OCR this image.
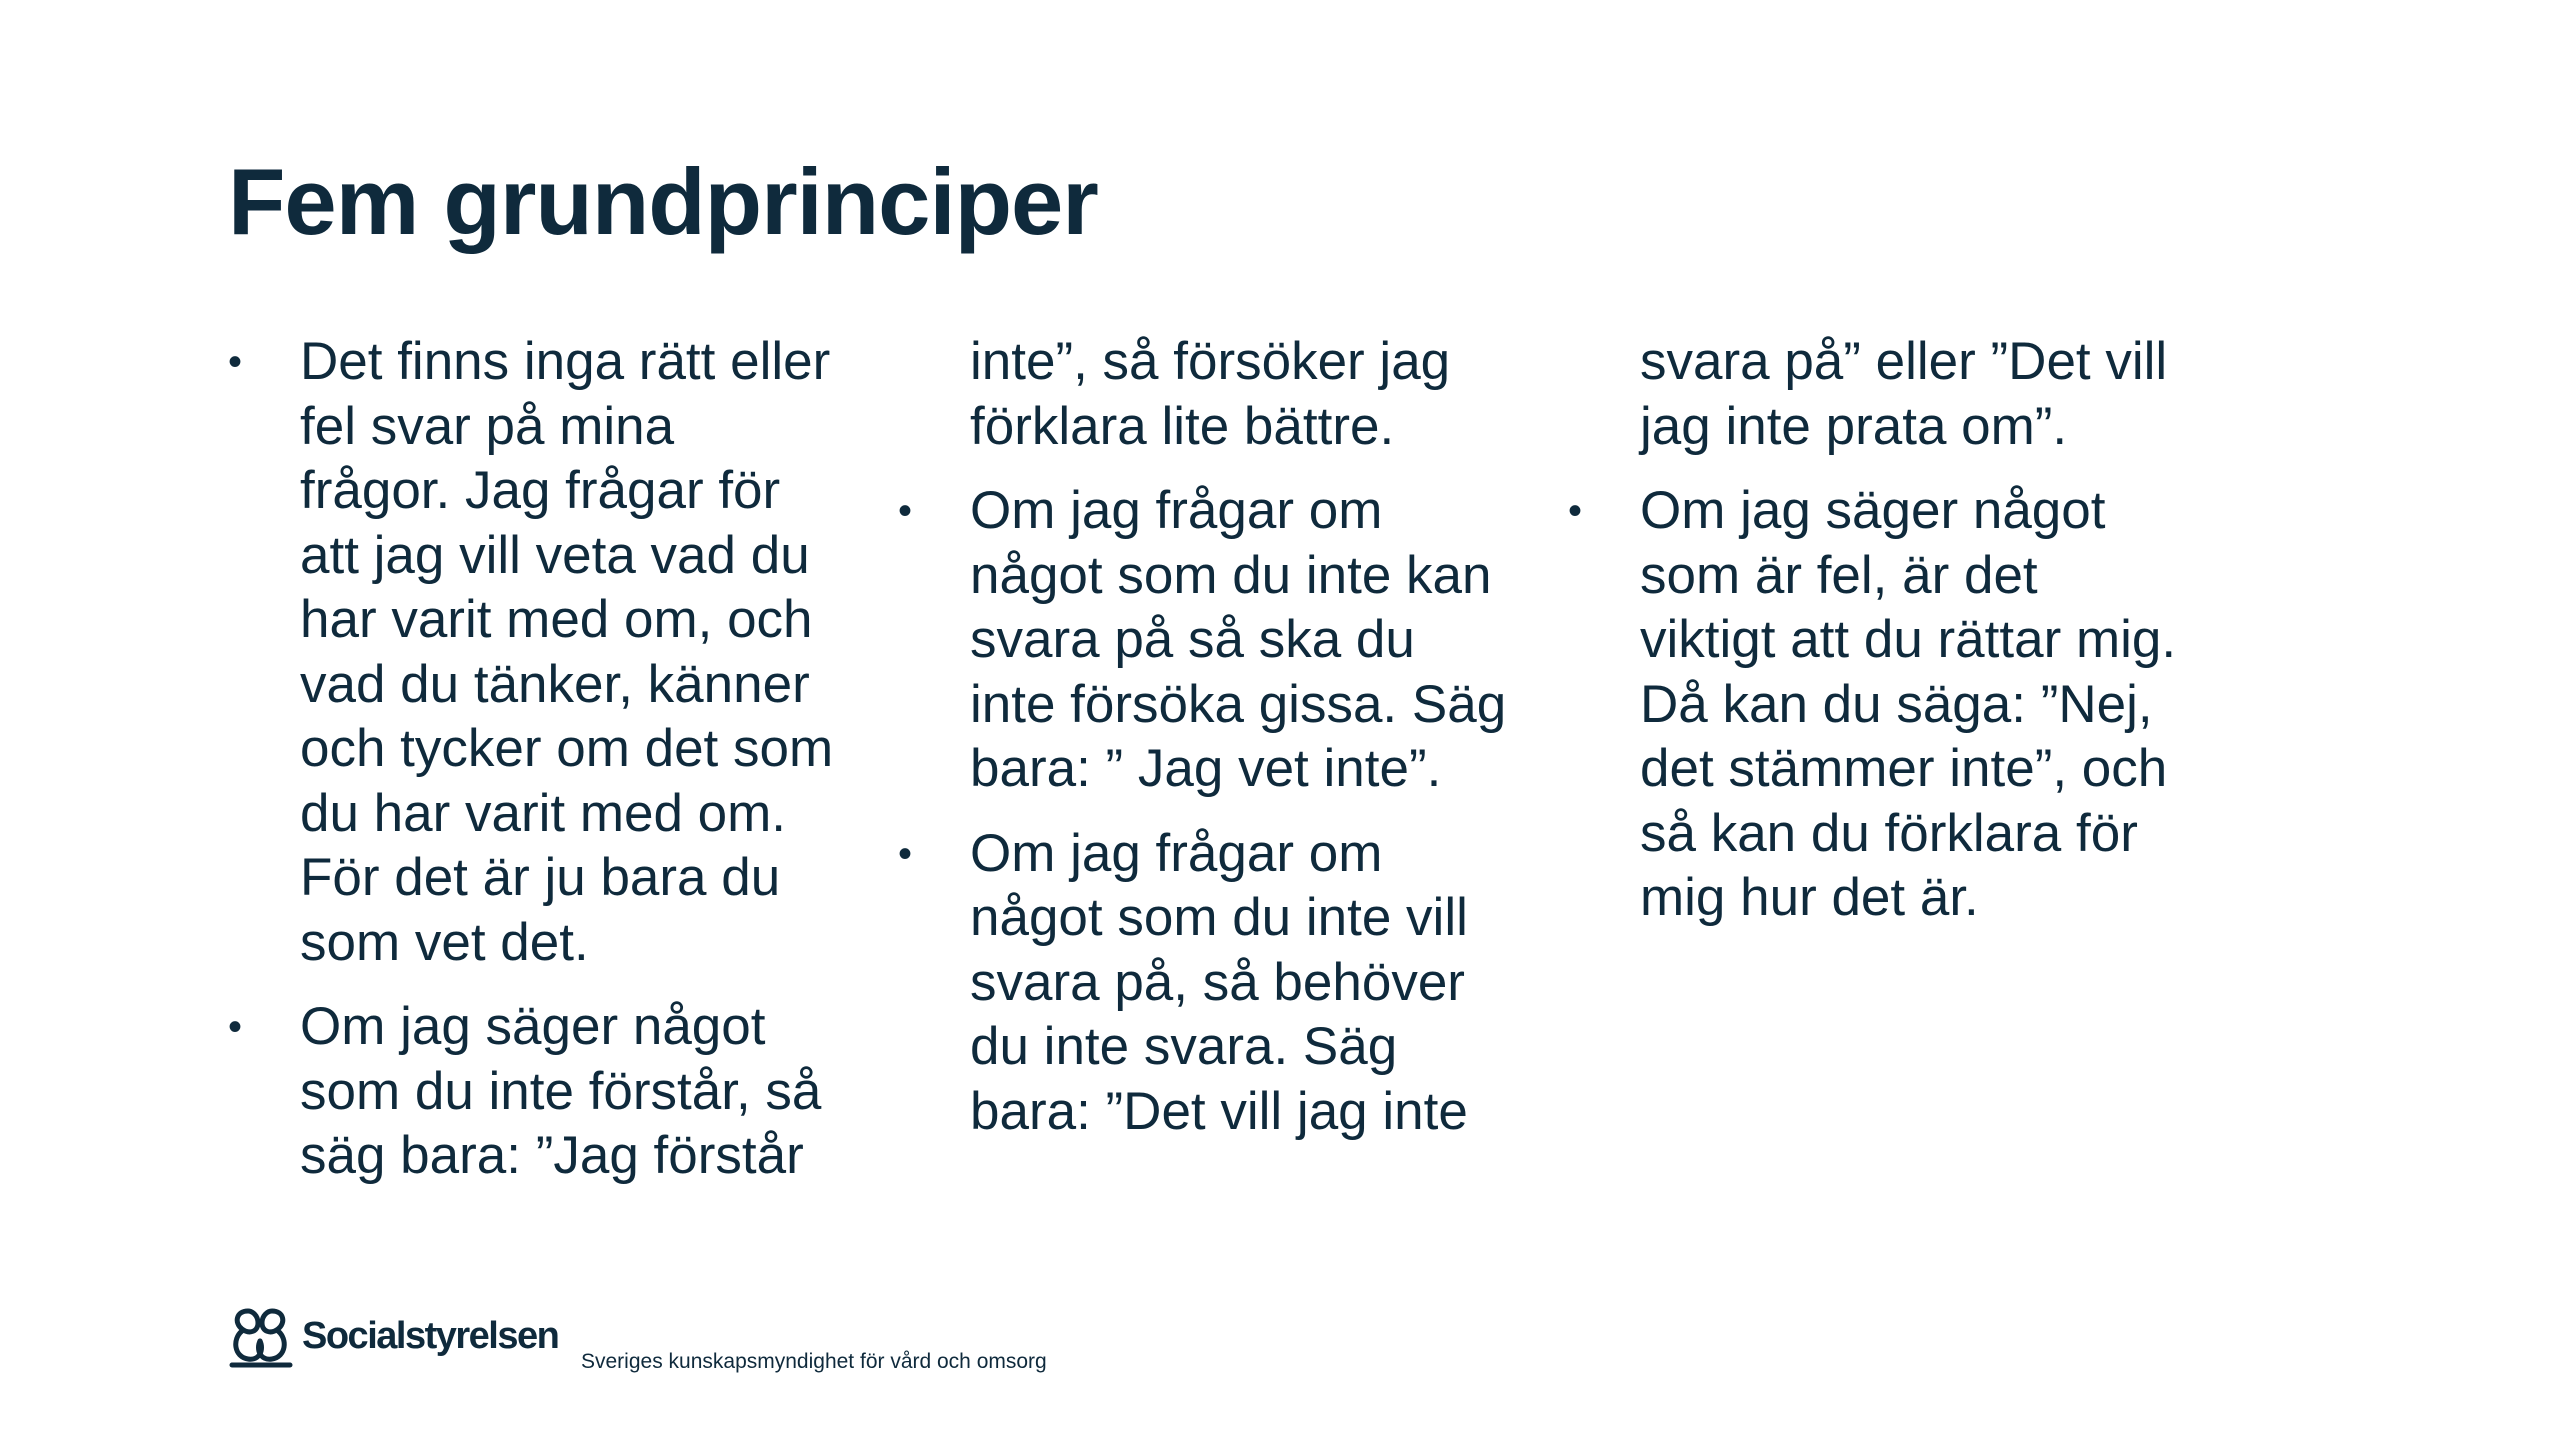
Fem grundprinciper
• Det finns inga rätt eller fel svar på mina frågor. Jag frågar för att jag vill veta vad du har varit med om, och vad du tänker, känner och tycker om det som du har varit med om. För det är ju bara du som vet det.
• Om jag säger något som du inte förstår, så säg bara: ”Jag förstår inte”, så försöker jag förklara lite bättre.
• Om jag frågar om något som du inte kan svara på så ska du inte försöka gissa. Säg bara: ” Jag vet inte”.
• Om jag frågar om något som du inte vill svara på, så behöver du inte svara. Säg bara: ”Det vill jag inte svara på” eller ”Det vill jag inte prata om”.
• Om jag säger något som är fel, är det viktigt att du rättar mig. Då kan du säga: ”Nej, det stämmer inte”, och så kan du förklara för mig hur det är.
Socialstyrelsen
Sveriges kunskapsmyndighet för vård och omsorg
